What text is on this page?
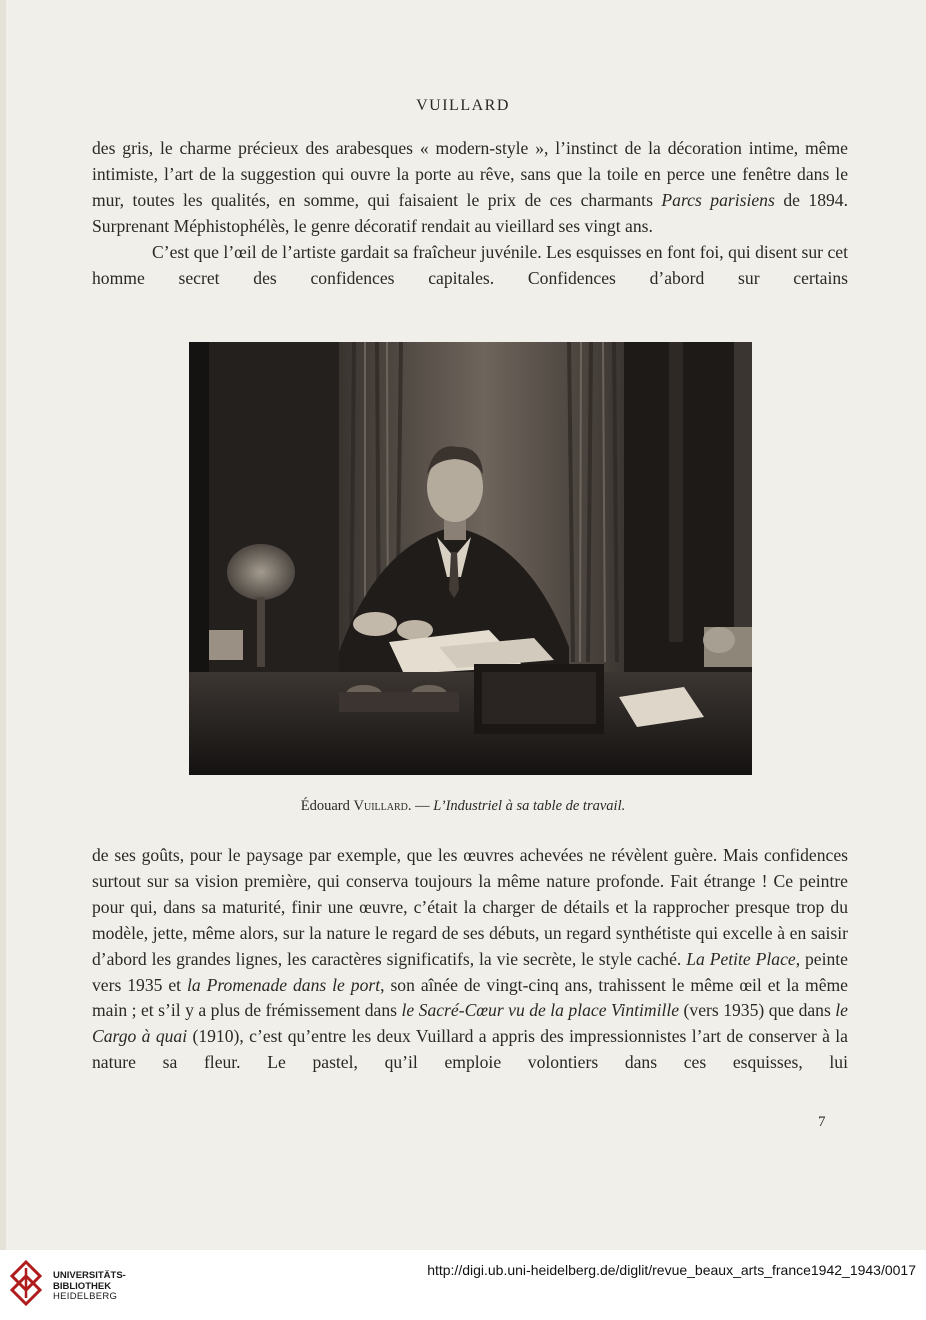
VUILLARD

des gris, le charme précieux des arabesques « modern-style », l’instinct de la décoration intime, même intimiste, l’art de la suggestion qui ouvre la porte au rêve, sans que la toile en perce une fenêtre dans le mur, toutes les qualités, en somme, qui faisaient le prix de ces charmants Parcs parisiens de 1894. Surprenant Méphistophélès, le genre décoratif rendait au vieillard ses vingt ans.

C’est que l’œil de l’artiste gardait sa fraîcheur juvénile. Les esquisses en font foi, qui disent sur cet homme secret des confidences capitales. Confidences d’abord sur certains

Édouard Vuillard. — L’Industriel à sa table de travail.

de ses goûts, pour le paysage par exemple, que les œuvres achevées ne révèlent guère. Mais confidences surtout sur sa vision première, qui conserva toujours la même nature profonde. Fait étrange ! Ce peintre pour qui, dans sa maturité, finir une œuvre, c’était la charger de détails et la rapprocher presque trop du modèle, jette, même alors, sur la nature le regard de ses débuts, un regard synthétiste qui excelle à en saisir d’abord les grandes lignes, les caractères significatifs, la vie secrète, le style caché. La Petite Place, peinte vers 1935 et la Promenade dans le port, son aînée de vingt-cinq ans, trahissent le même œil et la même main ; et s’il y a plus de frémissement dans le Sacré-Cœur vu de la place Vintimille (vers 1935) que dans le Cargo à quai (1910), c’est qu’entre les deux Vuillard a appris des impressionnistes l’art de conserver à la nature sa fleur. Le pastel, qu’il emploie volontiers dans ces esquisses, lui

7
UNIVERSITÄTS-
BIBLIOTHEK
HEIDELBERG
http://digi.ub.uni-heidelberg.de/diglit/revue_beaux_arts_france1942_1943/0017
